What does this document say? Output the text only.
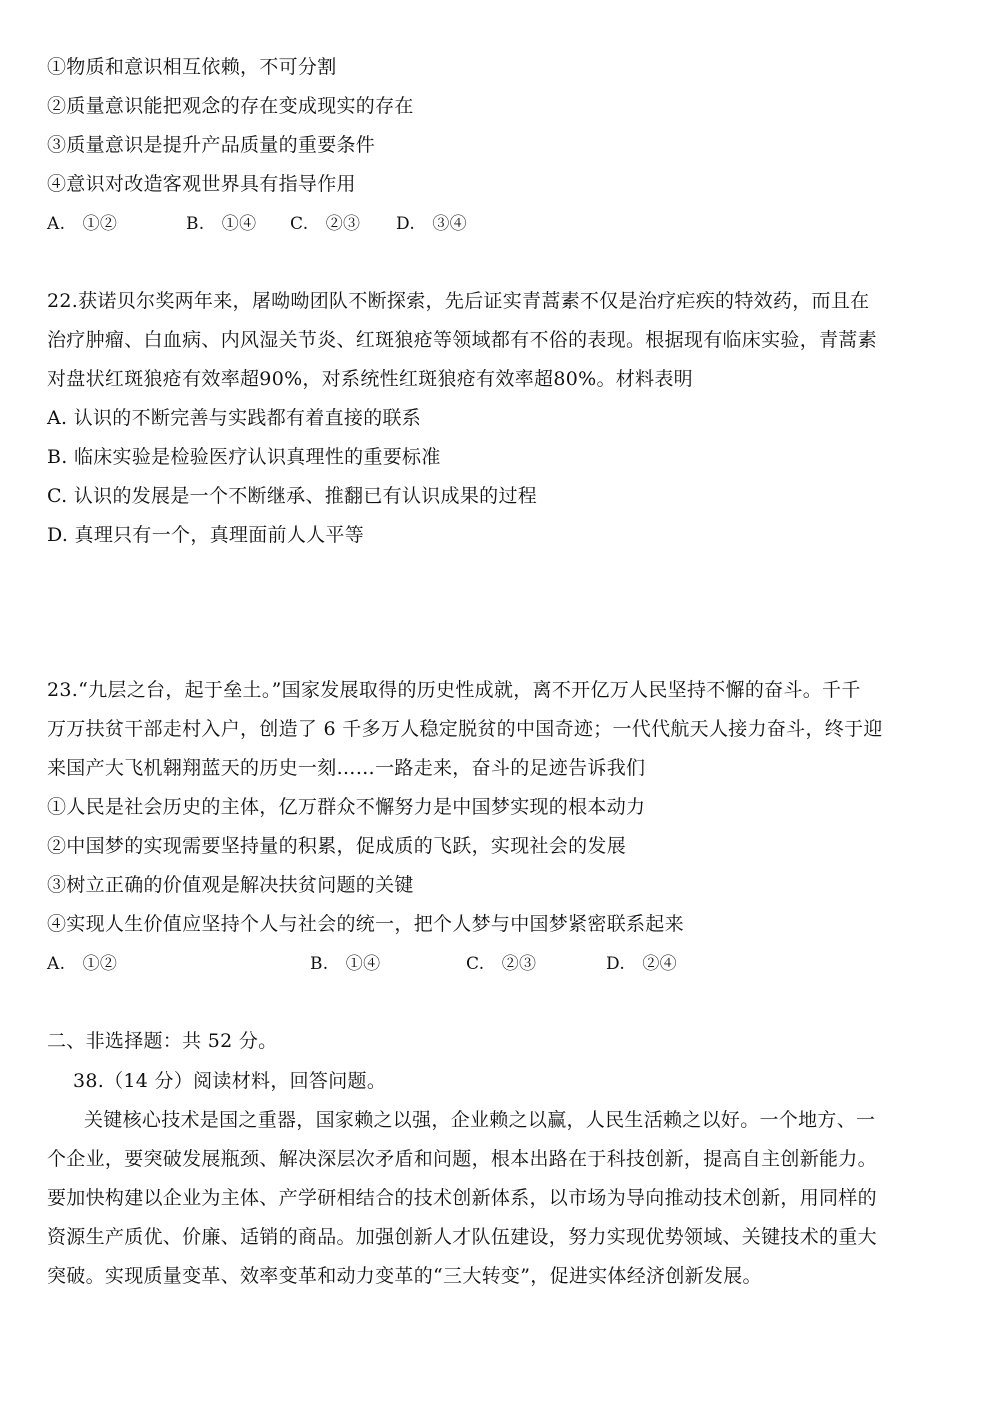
①物质和意识相互依赖，不可分割
②质量意识能把观念的存在变成现实的存在
③质量意识是提升产品质量的重要条件
④意识对改造客观世界具有指导作用
A.　①②	B.　①④ C.　②③ D.　③④
22.获诺贝尔奖两年来，屠呦呦团队不断探索，先后证实青蒿素不仅是治疗疟疾的特效药，而且在
治疗肿瘤、白血病、内风湿关节炎、红斑狼疮等领域都有不俗的表现。根据现有临床实验，青蒿素
对盘状红斑狼疮有效率超90%，对系统性红斑狼疮有效率超80%。材料表明
A. 认识的不断完善与实践都有着直接的联系
B. 临床实验是检验医疗认识真理性的重要标准
C. 认识的发展是一个不断继承、推翻已有认识成果的过程
D. 真理只有一个，真理面前人人平等
23.“九层之台，起于垒土。”国家发展取得的历史性成就，离不开亿万人民坚持不懈的奋斗。千千
万万扶贫干部走村入户，创造了 6 千多万人稳定脱贫的中国奇迹；一代代航天人接力奋斗，终于迎
来国产大飞机翱翔蓝天的历史一刻……一路走来，奋斗的足迹告诉我们
①人民是社会历史的主体，亿万群众不懈努力是中国梦实现的根本动力
②中国梦的实现需要坚持量的积累，促成质的飞跃，实现社会的发展
③树立正确的价值观是解决扶贫问题的关键
④实现人生价值应坚持个人与社会的统一，把个人梦与中国梦紧密联系起来
A.　①②	B.　①④	C.　②③	D.　②④
二、非选择题：共 52 分。
38.（14 分）阅读材料，回答问题。
关键核心技术是国之重器，国家赖之以强，企业赖之以赢，人民生活赖之以好。一个地方、一
个企业，要突破发展瓶颈、解决深层次矛盾和问题，根本出路在于科技创新，提高自主创新能力。
要加快构建以企业为主体、产学研相结合的技术创新体系，以市场为导向推动技术创新，用同样的
资源生产质优、价廉、适销的商品。加强创新人才队伍建设，努力实现优势领域、关键技术的重大
突破。实现质量变革、效率变革和动力变革的“三大转变”，促进实体经济创新发展。
